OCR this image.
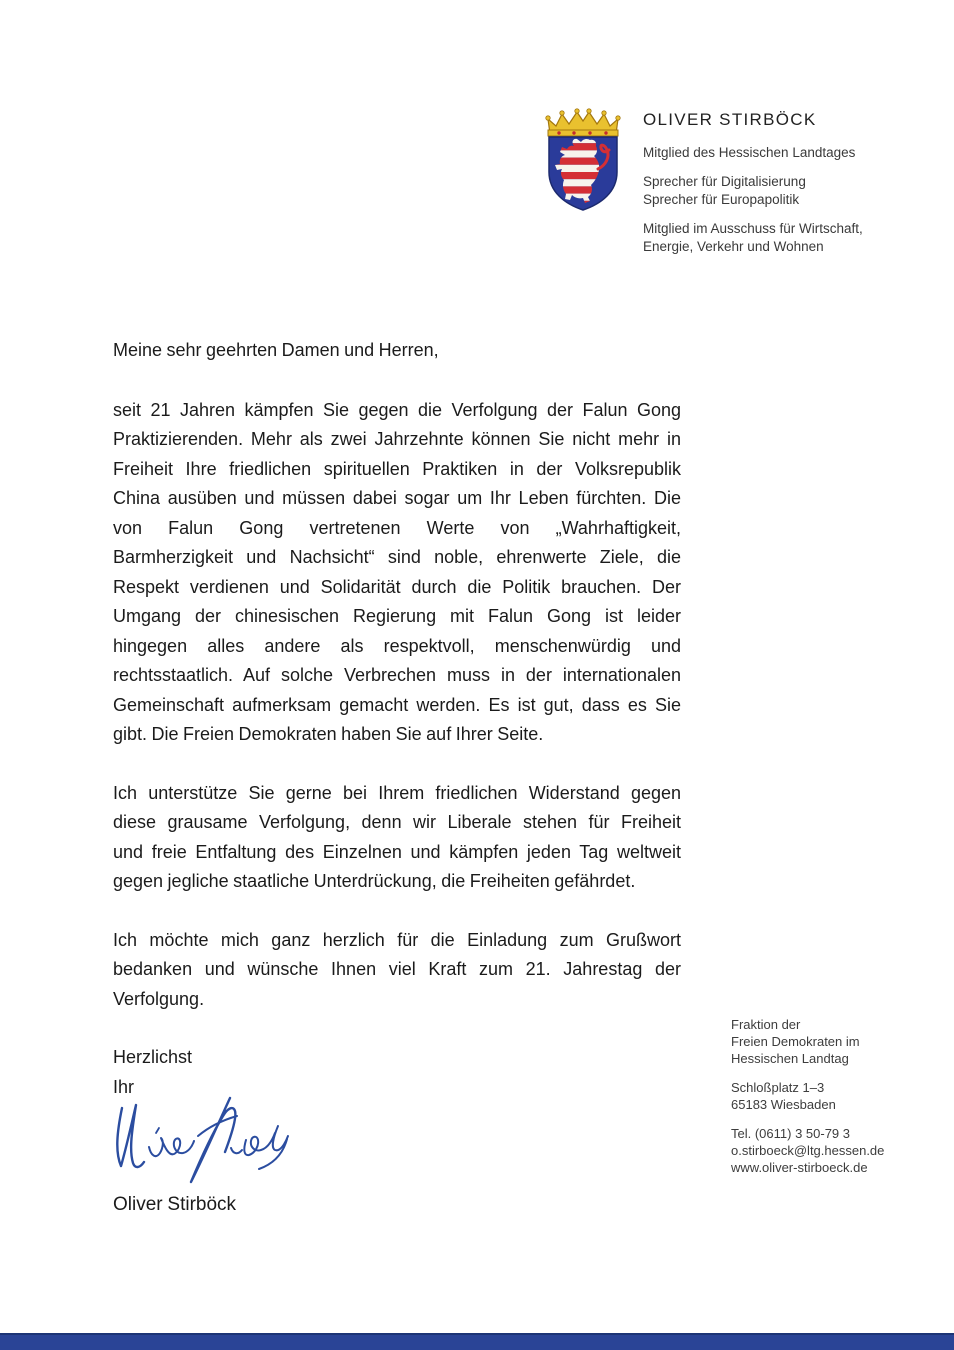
OLIVER STIRBÖCK
Mitglied des Hessischen Landtages
Sprecher für Digitalisierung
Sprecher für Europapolitik
Mitglied im Ausschuss für Wirtschaft,
Energie, Verkehr und Wohnen
Meine sehr geehrten Damen und Herren,
seit 21 Jahren kämpfen Sie gegen die Verfolgung der Falun Gong
Praktizierenden. Mehr als zwei Jahrzehnte können Sie nicht mehr in
Freiheit Ihre friedlichen spirituellen Praktiken in der Volksrepublik
China ausüben und müssen dabei sogar um Ihr Leben fürchten. Die
von Falun Gong vertretenen Werte von „Wahrhaftigkeit,
Barmherzigkeit und Nachsicht“ sind noble, ehrenwerte Ziele, die
Respekt verdienen und Solidarität durch die Politik brauchen. Der
Umgang der chinesischen Regierung mit Falun Gong ist leider
hingegen alles andere als respektvoll, menschenwürdig und
rechtsstaatlich. Auf solche Verbrechen muss in der internationalen
Gemeinschaft aufmerksam gemacht werden. Es ist gut, dass es Sie
gibt. Die Freien Demokraten haben Sie auf Ihrer Seite.
Ich unterstütze Sie gerne bei Ihrem friedlichen Widerstand gegen
diese grausame Verfolgung, denn wir Liberale stehen für Freiheit
und freie Entfaltung des Einzelnen und kämpfen jeden Tag weltweit
gegen jegliche staatliche Unterdrückung, die Freiheiten gefährdet.
Ich möchte mich ganz herzlich für die Einladung zum Grußwort
bedanken und wünsche Ihnen viel Kraft zum 21. Jahrestag der
Verfolgung.
Herzlichst
Ihr
Oliver Stirböck
Fraktion der
Freien Demokraten im
Hessischen Landtag
Schloßplatz 1–3
65183 Wiesbaden
Tel. (0611) 3 50-79 3
o.stirboeck@ltg.hessen.de
www.oliver-stirboeck.de
